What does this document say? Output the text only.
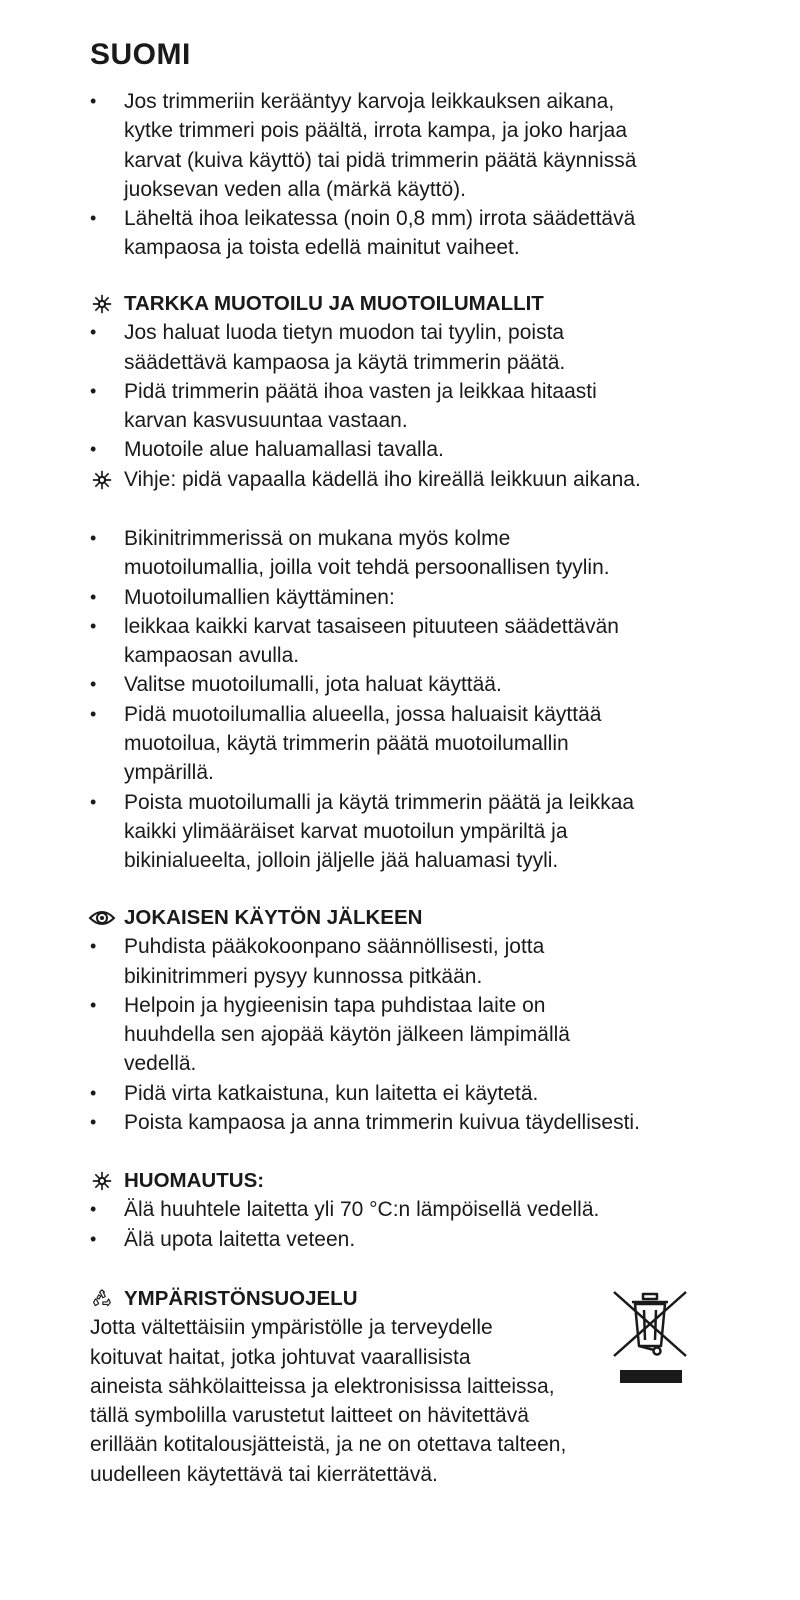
SUOMI

• Jos trimmeriin kerääntyy karvoja leikkauksen aikana,

kytke trimmeri pois päältä, irrota kampa, ja joko harjaa

karvat (kuiva käyttö) tai pidä trimmerin päätä käynnissä

juoksevan veden alla (märkä käyttö).

• Läheltä ihoa leikatessa (noin 0,8 mm) irrota säädettävä

kampaosa ja toista edellä mainitut vaiheet.

TARKKA MUOTOILU JA MUOTOILUMALLIT

• Jos haluat luoda tietyn muodon tai tyylin, poista

säädettävä kampaosa ja käytä trimmerin päätä.

• Pidä trimmerin päätä ihoa vasten ja leikkaa hitaasti

karvan kasvusuuntaa vastaan.

• Muotoile alue haluamallasi tavalla.

Vihje: pidä vapaalla kädellä iho kireällä leikkuun aikana.

• Bikinitrimmerissä on mukana myös kolme

muotoilumallia, joilla voit tehdä persoonallisen tyylin.

• Muotoilumallien käyttäminen:

• leikkaa kaikki karvat tasaiseen pituuteen säädettävän

kampaosan avulla.

• Valitse muotoilumalli, jota haluat käyttää.

• Pidä muotoilumallia alueella, jossa haluaisit käyttää

muotoilua, käytä trimmerin päätä muotoilumallin

ympärillä.

• Poista muotoilumalli ja käytä trimmerin päätä ja leikkaa

kaikki ylimääräiset karvat muotoilun ympäriltä ja

bikinialueelta, jolloin jäljelle jää haluamasi tyyli.

JOKAISEN KÄYTÖN JÄLKEEN

• Puhdista pääkokoonpano säännöllisesti, jotta

bikinitrimmeri pysyy kunnossa pitkään.

• Helpoin ja hygieenisin tapa puhdistaa laite on

huuhdella sen ajopää käytön jälkeen lämpimällä

vedellä.

• Pidä virta katkaistuna, kun laitetta ei käytetä.

• Poista kampaosa ja anna trimmerin kuivua täydellisesti.

HUOMAUTUS:

• Älä huuhtele laitetta yli 70 °C:n lämpöisellä vedellä.

• Älä upota laitetta veteen.

YMPÄRISTÖNSUOJELU

Jotta vältettäisiin ympäristölle ja terveydelle

koituvat haitat, jotka johtuvat vaarallisista

aineista sähkölaitteissa ja elektronisissa laitteissa,

tällä symbolilla varustetut laitteet on hävitettävä

erillään kotitalousjätteistä, ja ne on otettava talteen,

uudelleen käytettävä tai kierrätettävä.
